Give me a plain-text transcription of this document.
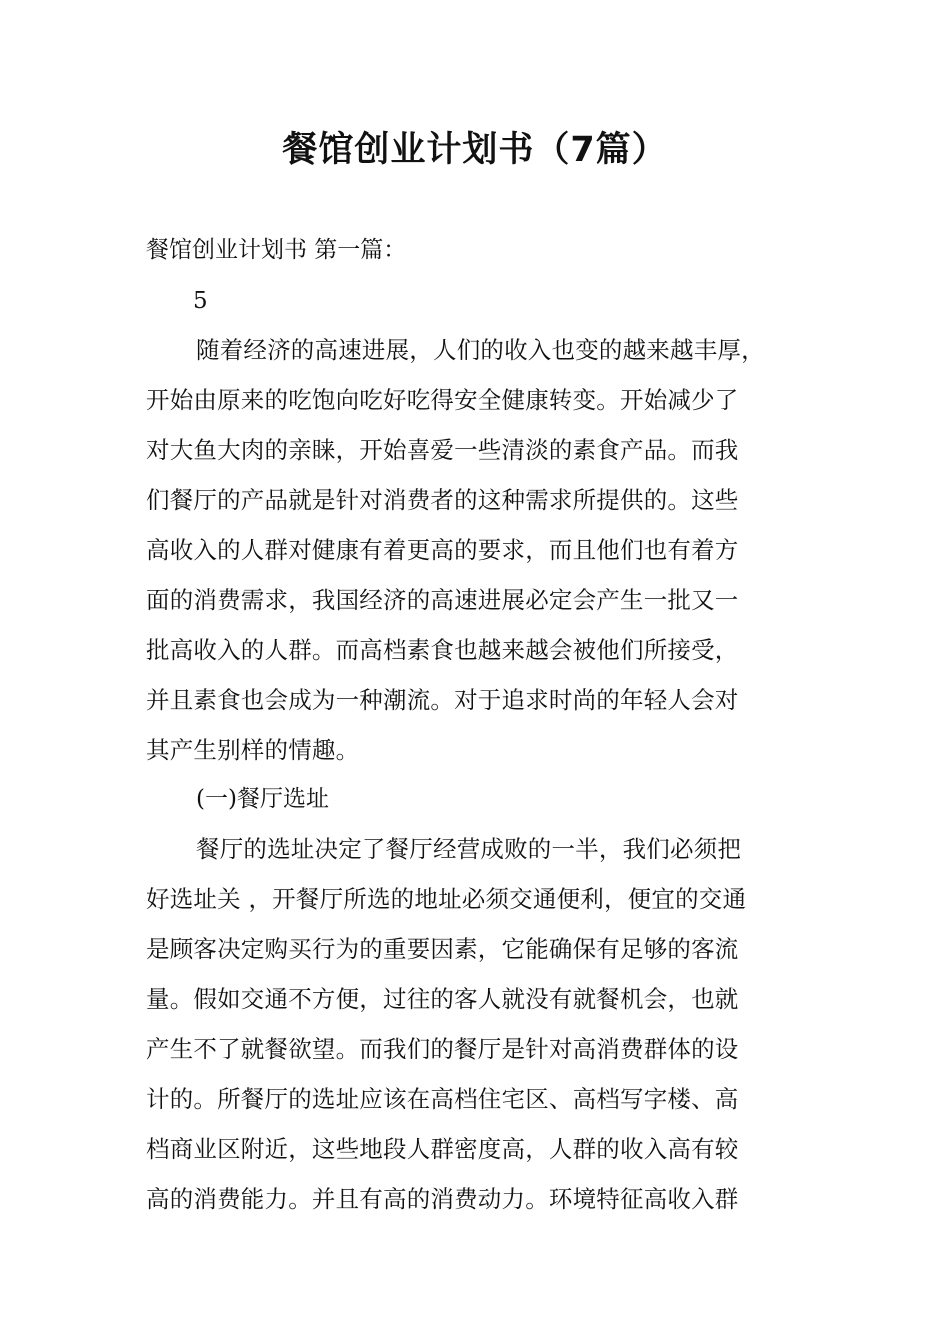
餐馆创业计划书（7篇）
餐馆创业计划书 第一篇：
5
随着经济的高速进展，人们的收入也变的越来越丰厚，
开始由原来的吃饱向吃好吃得安全健康转变。开始减少了
对大鱼大肉的亲睐，开始喜爱一些清淡的素食产品。而我
们餐厅的产品就是针对消费者的这种需求所提供的。这些
高收入的人群对健康有着更高的要求，而且他们也有着方
面的消费需求，我国经济的高速进展必定会产生一批又一
批高收入的人群。而高档素食也越来越会被他们所接受，
并且素食也会成为一种潮流。对于追求时尚的年轻人会对
其产生别样的情趣。
(一)餐厅选址
餐厅的选址决定了餐厅经营成败的一半，我们必须把
好选址关 ，开餐厅所选的地址必须交通便利，便宜的交通
是顾客决定购买行为的重要因素，它能确保有足够的客流
量。假如交通不方便，过往的客人就没有就餐机会，也就
产生不了就餐欲望。而我们的餐厅是针对高消费群体的设
计的。所餐厅的选址应该在高档住宅区、高档写字楼、高
档商业区附近，这些地段人群密度高，人群的收入高有较
高的消费能力。并且有高的消费动力。环境特征高收入群
